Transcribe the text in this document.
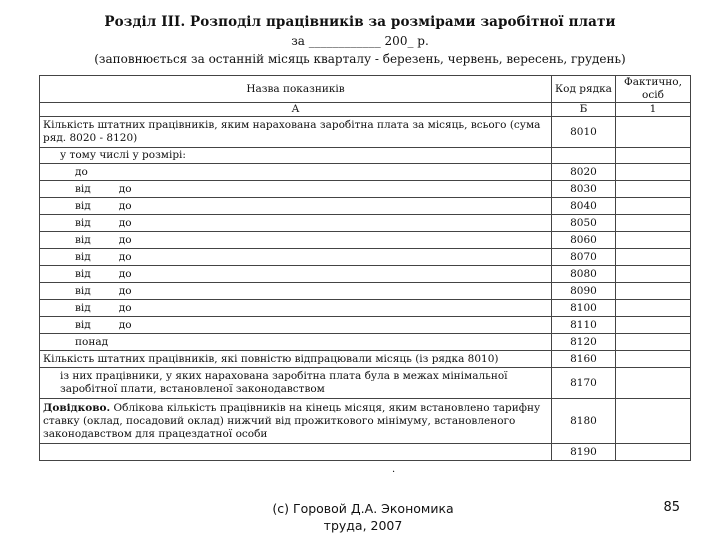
Розділ III. Розподіл працівників за розмірами заробітної плати
за ____________ 200_ р.
(заповнюється за останній місяць кварталу - березень, червень, вересень, грудень)
Назва показників	Код рядка	Фактично, осіб
А	Б	1
Кількість штатних працівників, яким нарахована заробітна плата за місяць, всього (сума ряд. 8020 - 8120)	8010	
у тому числі у розмірі:		
до	8020	
від до	8030	
від до	8040	
від до	8050	
від до	8060	
від до	8070	
від до	8080	
від до	8090	
від до	8100	
від до	8110	
понад	8120	
Кількість штатних працівників, які повністю відпрацювали місяць (із рядка 8010)	8160	
із них працівники, у яких нарахована заробітна плата була в межах мінімальної заробітної плати, встановленої законодавством	8170	
Довідково. Облікова кількість працівників на кінець місяця, яким встановлено тарифну ставку (оклад, посадовий оклад) нижчий від прожиткового мінімуму, встановленого законодавством для працездатної особи	8180	
	8190	
·
(c) Горовой Д.А. Экономика труда, 2007
85
